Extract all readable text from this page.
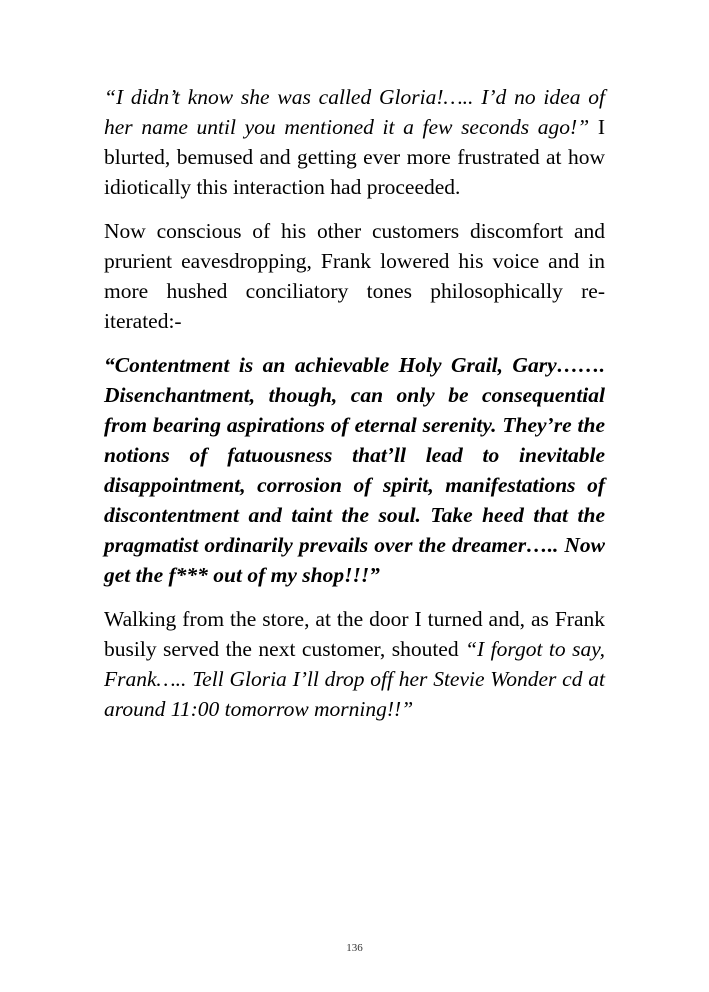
“I didn’t know she was called Gloria!….. I’d no idea of her name until you mentioned it a few seconds ago!” I blurted, bemused and getting ever more frustrated at how idiotically this interaction had proceeded.

Now conscious of his other customers discomfort and prurient eavesdropping, Frank lowered his voice and in more hushed conciliatory tones philosophically re-iterated:-

“Contentment is an achievable Holy Grail, Gary……. Disenchantment, though, can only be consequential from bearing aspirations of eternal serenity. They’re the notions of fatuousness that’ll lead to inevitable disappointment, corrosion of spirit, manifestations of discontentment and taint the soul. Take heed that the pragmatist ordinarily prevails over the dreamer….. Now get the f*** out of my shop!!!”

Walking from the store, at the door I turned and, as Frank busily served the next customer, shouted “I forgot to say, Frank….. Tell Gloria I’ll drop off her Stevie Wonder cd at around 11:00 tomorrow morning!!”

136
